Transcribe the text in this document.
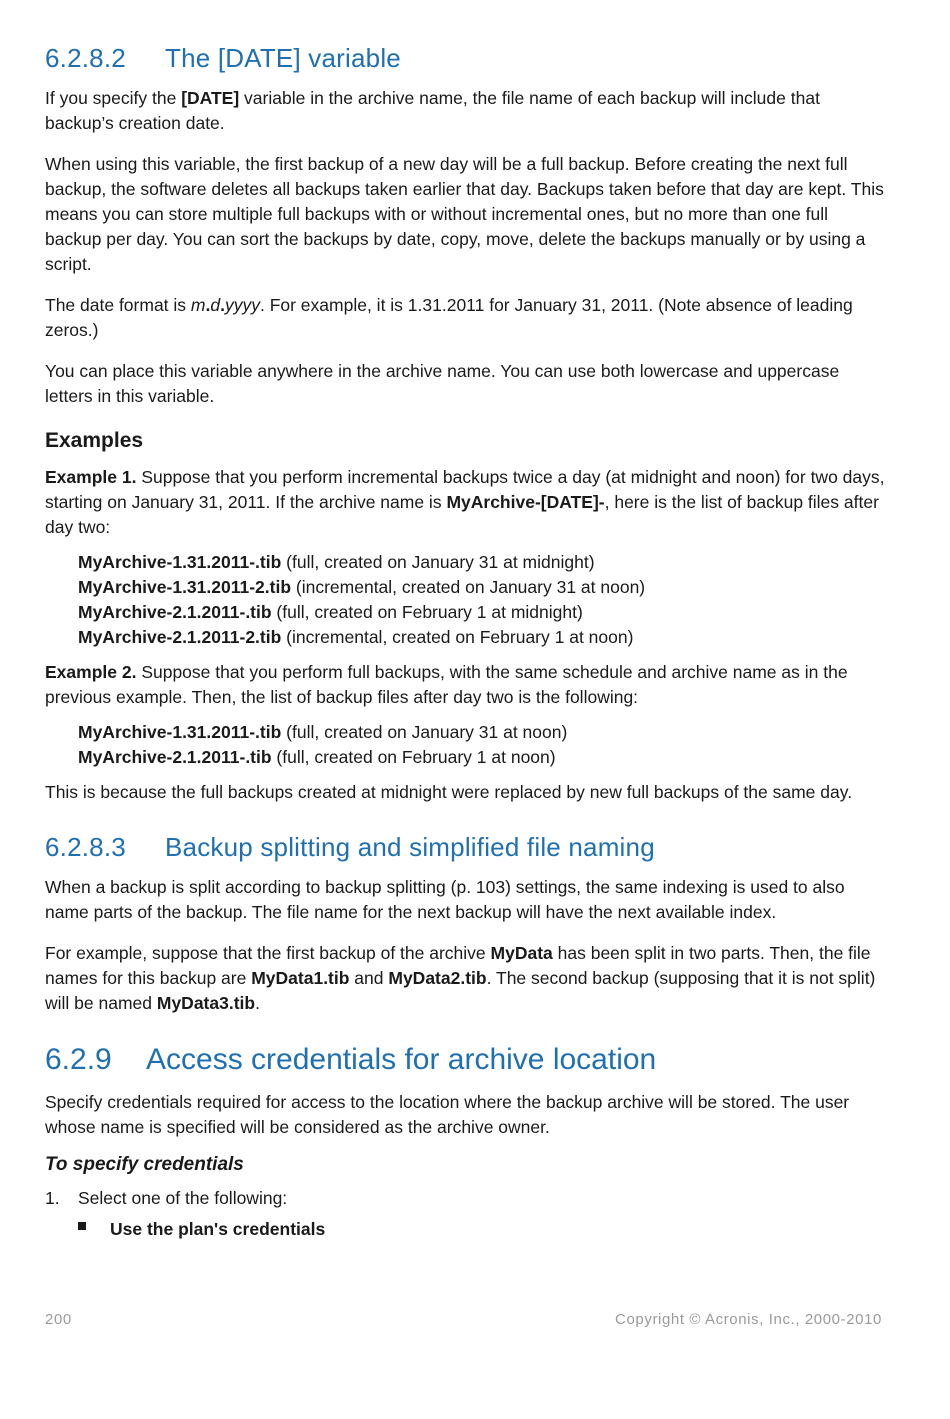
6.2.8.2 The [DATE] variable

If you specify the [DATE] variable in the archive name, the file name of each backup will include that backup’s creation date.

When using this variable, the first backup of a new day will be a full backup. Before creating the next full backup, the software deletes all backups taken earlier that day. Backups taken before that day are kept. This means you can store multiple full backups with or without incremental ones, but no more than one full backup per day. You can sort the backups by date, copy, move, delete the backups manually or by using a script.

The date format is m.d.yyyy. For example, it is 1.31.2011 for January 31, 2011. (Note absence of leading zeros.)

You can place this variable anywhere in the archive name. You can use both lowercase and uppercase letters in this variable.

Examples

Example 1. Suppose that you perform incremental backups twice a day (at midnight and noon) for two days, starting on January 31, 2011. If the archive name is MyArchive-[DATE]-, here is the list of backup files after day two:

MyArchive-1.31.2011-.tib (full, created on January 31 at midnight)
MyArchive-1.31.2011-2.tib (incremental, created on January 31 at noon)
MyArchive-2.1.2011-.tib (full, created on February 1 at midnight)
MyArchive-2.1.2011-2.tib (incremental, created on February 1 at noon)

Example 2. Suppose that you perform full backups, with the same schedule and archive name as in the previous example. Then, the list of backup files after day two is the following:

MyArchive-1.31.2011-.tib (full, created on January 31 at noon)
MyArchive-2.1.2011-.tib (full, created on February 1 at noon)

This is because the full backups created at midnight were replaced by new full backups of the same day.

6.2.8.3 Backup splitting and simplified file naming

When a backup is split according to backup splitting (p. 103) settings, the same indexing is used to also name parts of the backup. The file name for the next backup will have the next available index.

For example, suppose that the first backup of the archive MyData has been split in two parts. Then, the file names for this backup are MyData1.tib and MyData2.tib. The second backup (supposing that it is not split) will be named MyData3.tib.

6.2.9 Access credentials for archive location

Specify credentials required for access to the location where the backup archive will be stored. The user whose name is specified will be considered as the archive owner.

To specify credentials
1. Select one of the following:
Use the plan's credentials
200	Copyright © Acronis, Inc., 2000-2010
